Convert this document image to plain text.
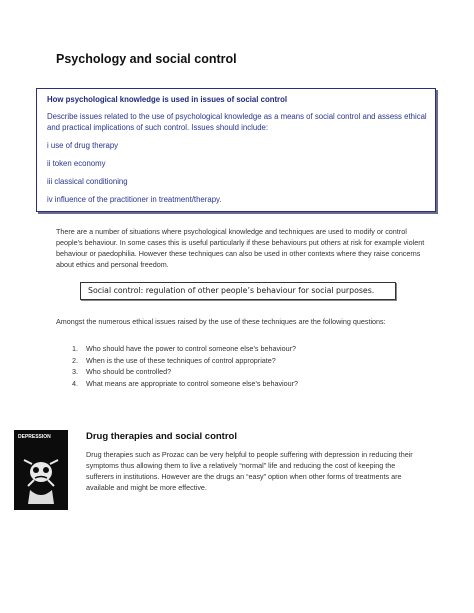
Psychology and social control
How psychological knowledge is used in issues of social control
Describe issues related to the use of psychological knowledge as a means of social control and assess ethical and practical implications of such control. Issues should include:
i use of drug therapy
ii token economy
iii classical conditioning
iv influence of the practitioner in treatment/therapy.
There are a number of situations where psychological knowledge and techniques are used to modify or control people’s behaviour. In some cases this is useful particularly if these behaviours put others at risk for example violent behaviour or paedophilia. However these techniques can also be used in other contexts where they raise concerns about ethics and personal freedom.
Social control: regulation of other people’s behaviour for social purposes.
Amongst the numerous ethical issues raised by the use of these techniques are the following questions:
1. Who should have the power to control someone else’s behaviour?
2. When is the use of these techniques of control appropriate?
3. Who should be controlled?
4. What means are appropriate to control someone else’s behaviour?
DEPRESSION	Drug therapies and social control
Drug therapies such as Prozac can be very helpful to people suffering with depression in reducing their symptoms thus allowing them to live a relatively “normal” life and reducing the cost of keeping the sufferers in institutions. However are the drugs an “easy” option when other forms of treatments are available and might be more effective.
